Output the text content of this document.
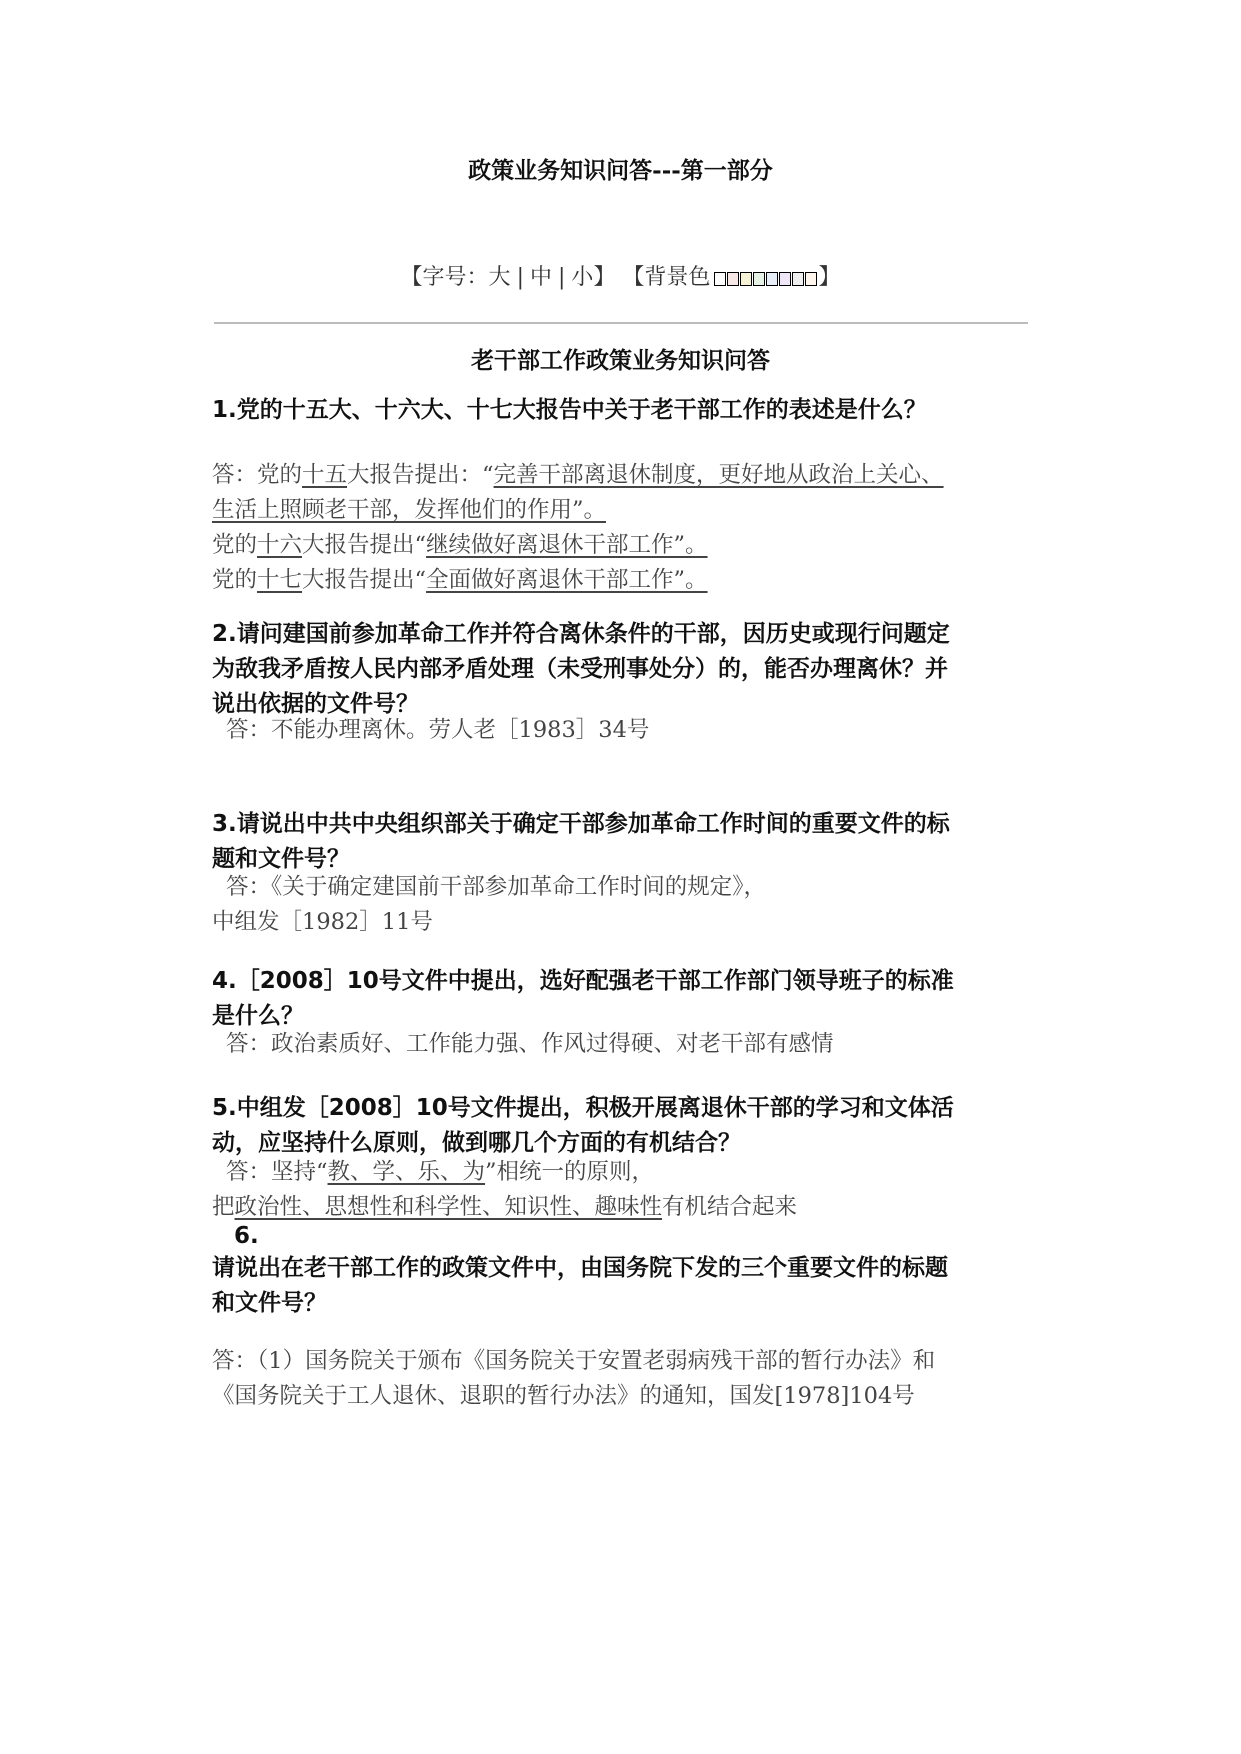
政策业务知识问答---第一部分
【字号：大 | 中 | 小】 【背景色	】
老干部工作政策业务知识问答
1.党的十五大、十六大、十七大报告中关于老干部工作的表述是什么？
答：党的十五大报告提出：“完善干部离退休制度，更好地从政治上关心、
生活上照顾老干部，发挥他们的作用”。
党的十六大报告提出“继续做好离退休干部工作”。
党的十七大报告提出“全面做好离退休干部工作”。
2.请问建国前参加革命工作并符合离休条件的干部，因历史或现行问题定
为敌我矛盾按人民内部矛盾处理（未受刑事处分）的，能否办理离休？并
说出依据的文件号？
答：不能办理离休。劳人老［1983］34号
3.请说出中共中央组织部关于确定干部参加革命工作时间的重要文件的标
题和文件号？
答：《关于确定建国前干部参加革命工作时间的规定》，
中组发［1982］11号
4.［2008］10号文件中提出，选好配强老干部工作部门领导班子的标准
是什么？
答：政治素质好、工作能力强、作风过得硬、对老干部有感情
5.中组发［2008］10号文件提出，积极开展离退休干部的学习和文体活
动，应坚持什么原则，做到哪几个方面的有机结合？
答：坚持“教、学、乐、为”相统一的原则，
把政治性、思想性和科学性、知识性、趣味性有机结合起来
6.
请说出在老干部工作的政策文件中，由国务院下发的三个重要文件的标题
和文件号？
答：（1）国务院关于颁布《国务院关于安置老弱病残干部的暂行办法》和
《国务院关于工人退休、退职的暂行办法》的通知，国发[1978]104号
